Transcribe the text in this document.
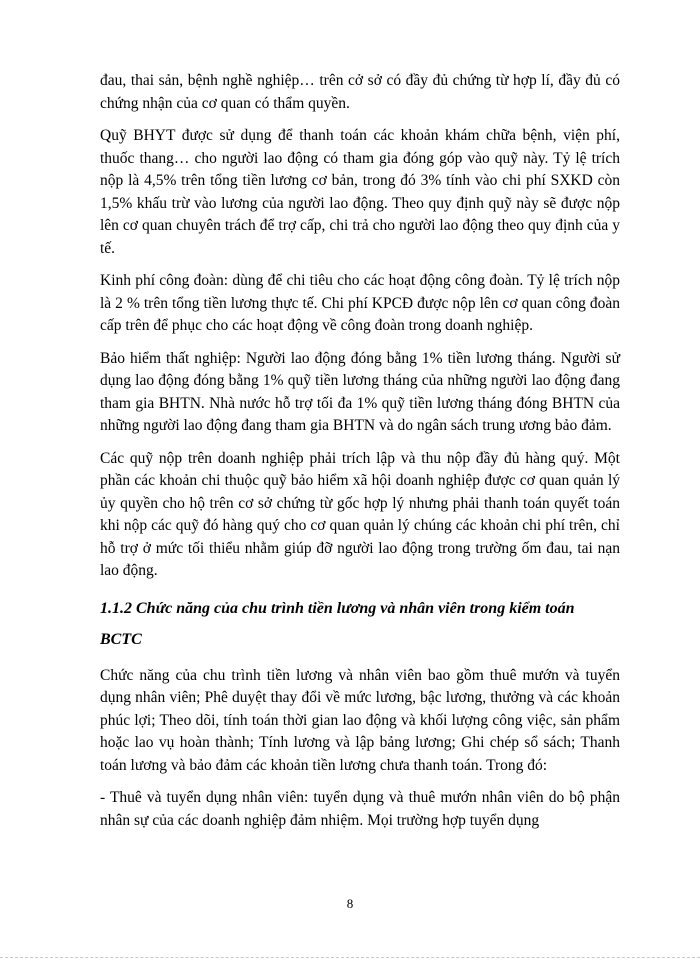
đau, thai sản, bệnh nghề nghiệp… trên cở sở có đầy đủ chứng từ hợp lí, đầy đủ có chứng nhận của cơ quan có thẩm quyền.

Quỹ BHYT được sử dụng để thanh toán các khoản khám chữa bệnh, viện phí, thuốc thang… cho người lao động có tham gia đóng góp vào quỹ này. Tỷ lệ trích nộp là 4,5% trên tổng tiền lương cơ bản, trong đó 3% tính vào chi phí SXKD còn 1,5% khấu trừ vào lương của người lao động. Theo quy định quỹ này sẽ được nộp lên cơ quan chuyên trách để trợ cấp, chi trả cho người lao động theo quy định của y tế.

Kinh phí công đoàn: dùng để chi tiêu cho các hoạt động công đoàn. Tỷ lệ trích nộp là 2 % trên tổng tiền lương thực tế. Chi phí KPCĐ được nộp lên cơ quan công đoàn cấp trên để phục cho các hoạt động về công đoàn trong doanh nghiệp.

Bảo hiểm thất nghiệp: Người lao động đóng bằng 1% tiền lương tháng. Người sử dụng lao động đóng bằng 1% quỹ tiền lương tháng của những người lao động đang tham gia BHTN. Nhà nước hỗ trợ tối đa 1% quỹ tiền lương tháng đóng BHTN của những người lao động đang tham gia BHTN và do ngân sách trung ương bảo đảm.

Các quỹ nộp trên doanh nghiệp phải trích lập và thu nộp đầy đủ hàng quý. Một phần các khoản chi thuộc quỹ bảo hiểm xã hội doanh nghiệp được cơ quan quản lý ủy quyền cho hộ trên cơ sở chứng từ gốc hợp lý nhưng phải thanh toán quyết toán khi nộp các quỹ đó hàng quý cho cơ quan quản lý chúng các khoản chi phí trên, chỉ hỗ trợ ở mức tối thiểu nhằm giúp đỡ người lao động trong trường ốm đau, tai nạn lao động.

1.1.2 Chức năng của chu trình tiền lương và nhân viên trong kiểm toán BCTC

Chức năng của chu trình tiền lương và nhân viên bao gồm thuê mướn và tuyển dụng nhân viên; Phê duyệt thay đổi về mức lương, bậc lương, thưởng và các khoản phúc lợi; Theo dõi, tính toán thời gian lao động và khối lượng công việc, sản phẩm hoặc lao vụ hoàn thành; Tính lương và lập bảng lương; Ghi chép sổ sách; Thanh toán lương và bảo đảm các khoản tiền lương chưa thanh toán. Trong đó:

- Thuê và tuyển dụng nhân viên: tuyển dụng và thuê mướn nhân viên do bộ phận nhân sự của các doanh nghiệp đảm nhiệm. Mọi trường hợp tuyển dụng

8
